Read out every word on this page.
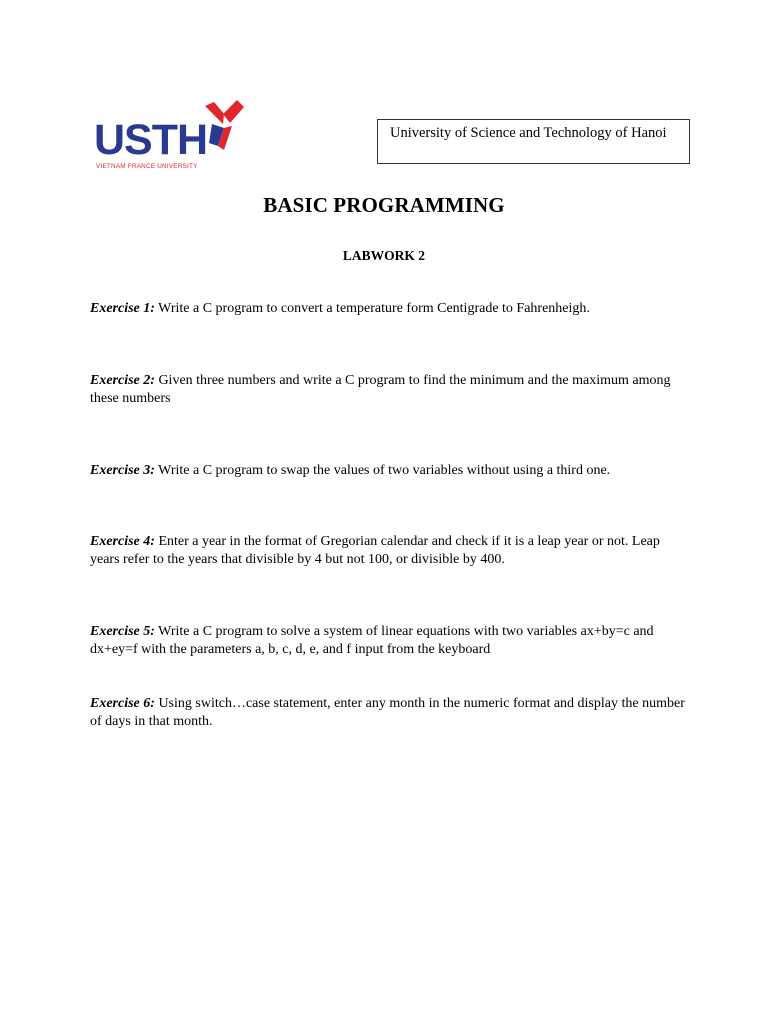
USTH
VIETNAM FRANCE UNIVERSITY
University of Science and Technology of Hanoi
BASIC PROGRAMMING
LABWORK 2
Exercise 1: Write a C program to convert a temperature form Centigrade to Fahrenheigh.
Exercise 2: Given three numbers and write a C program to find the minimum and the maximum among these numbers
Exercise 3: Write a C program to swap the values of two variables without using a third one.
Exercise 4: Enter a year in the format of Gregorian calendar and check if it is a leap year or not. Leap years refer to the years that divisible by 4 but not 100, or divisible by 400.
Exercise 5: Write a C program to solve a system of linear equations with two variables ax+by=c and dx+ey=f with the parameters a, b, c, d, e, and f input from the keyboard
Exercise 6: Using switch…case statement, enter any month in the numeric format and display the number of days in that month.
